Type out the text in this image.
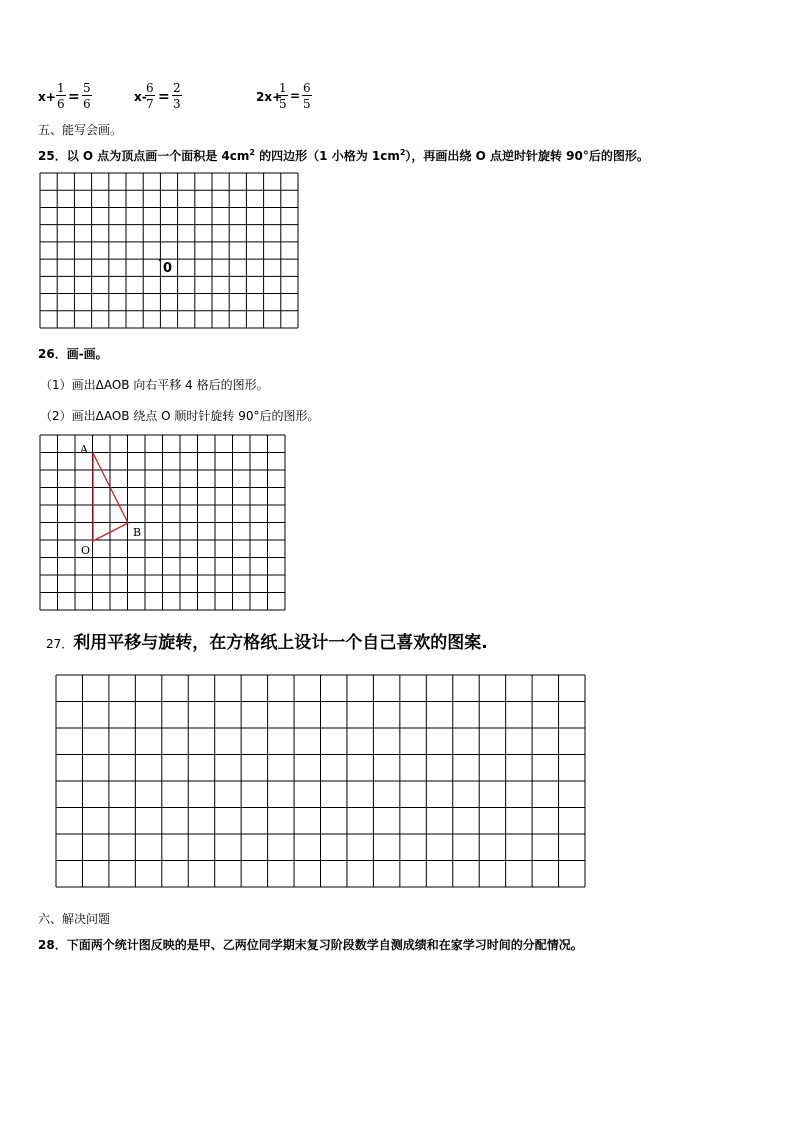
$x+ \frac{1}{6} = \frac{5}{6}$	x-
$\frac{6}{7} = \frac{2}{3}$	2x+
$\frac{1}{5} = \frac{6}{5}$
五、能写会画。
25．以 O 点为顶点画一个面积是 $4cm^2$ 的四边形（1 小格为 $1cm^2$），再画出绕 O 点逆时针旋转 90°后的图形。
0
26．画-画。
（1）画出ΔAOB 向右平移 4 格后的图形。
（2）画出ΔAOB 绕点 O 顺时针旋转 90°后的图形。
A
B
O
27．利用平移与旋转，在方格纸上设计一个自己喜欢的图案.
六、解决问题
28．下面两个统计图反映的是甲、乙两位同学期末复习阶段数学自测成绩和在家学习时间的分配情况。
